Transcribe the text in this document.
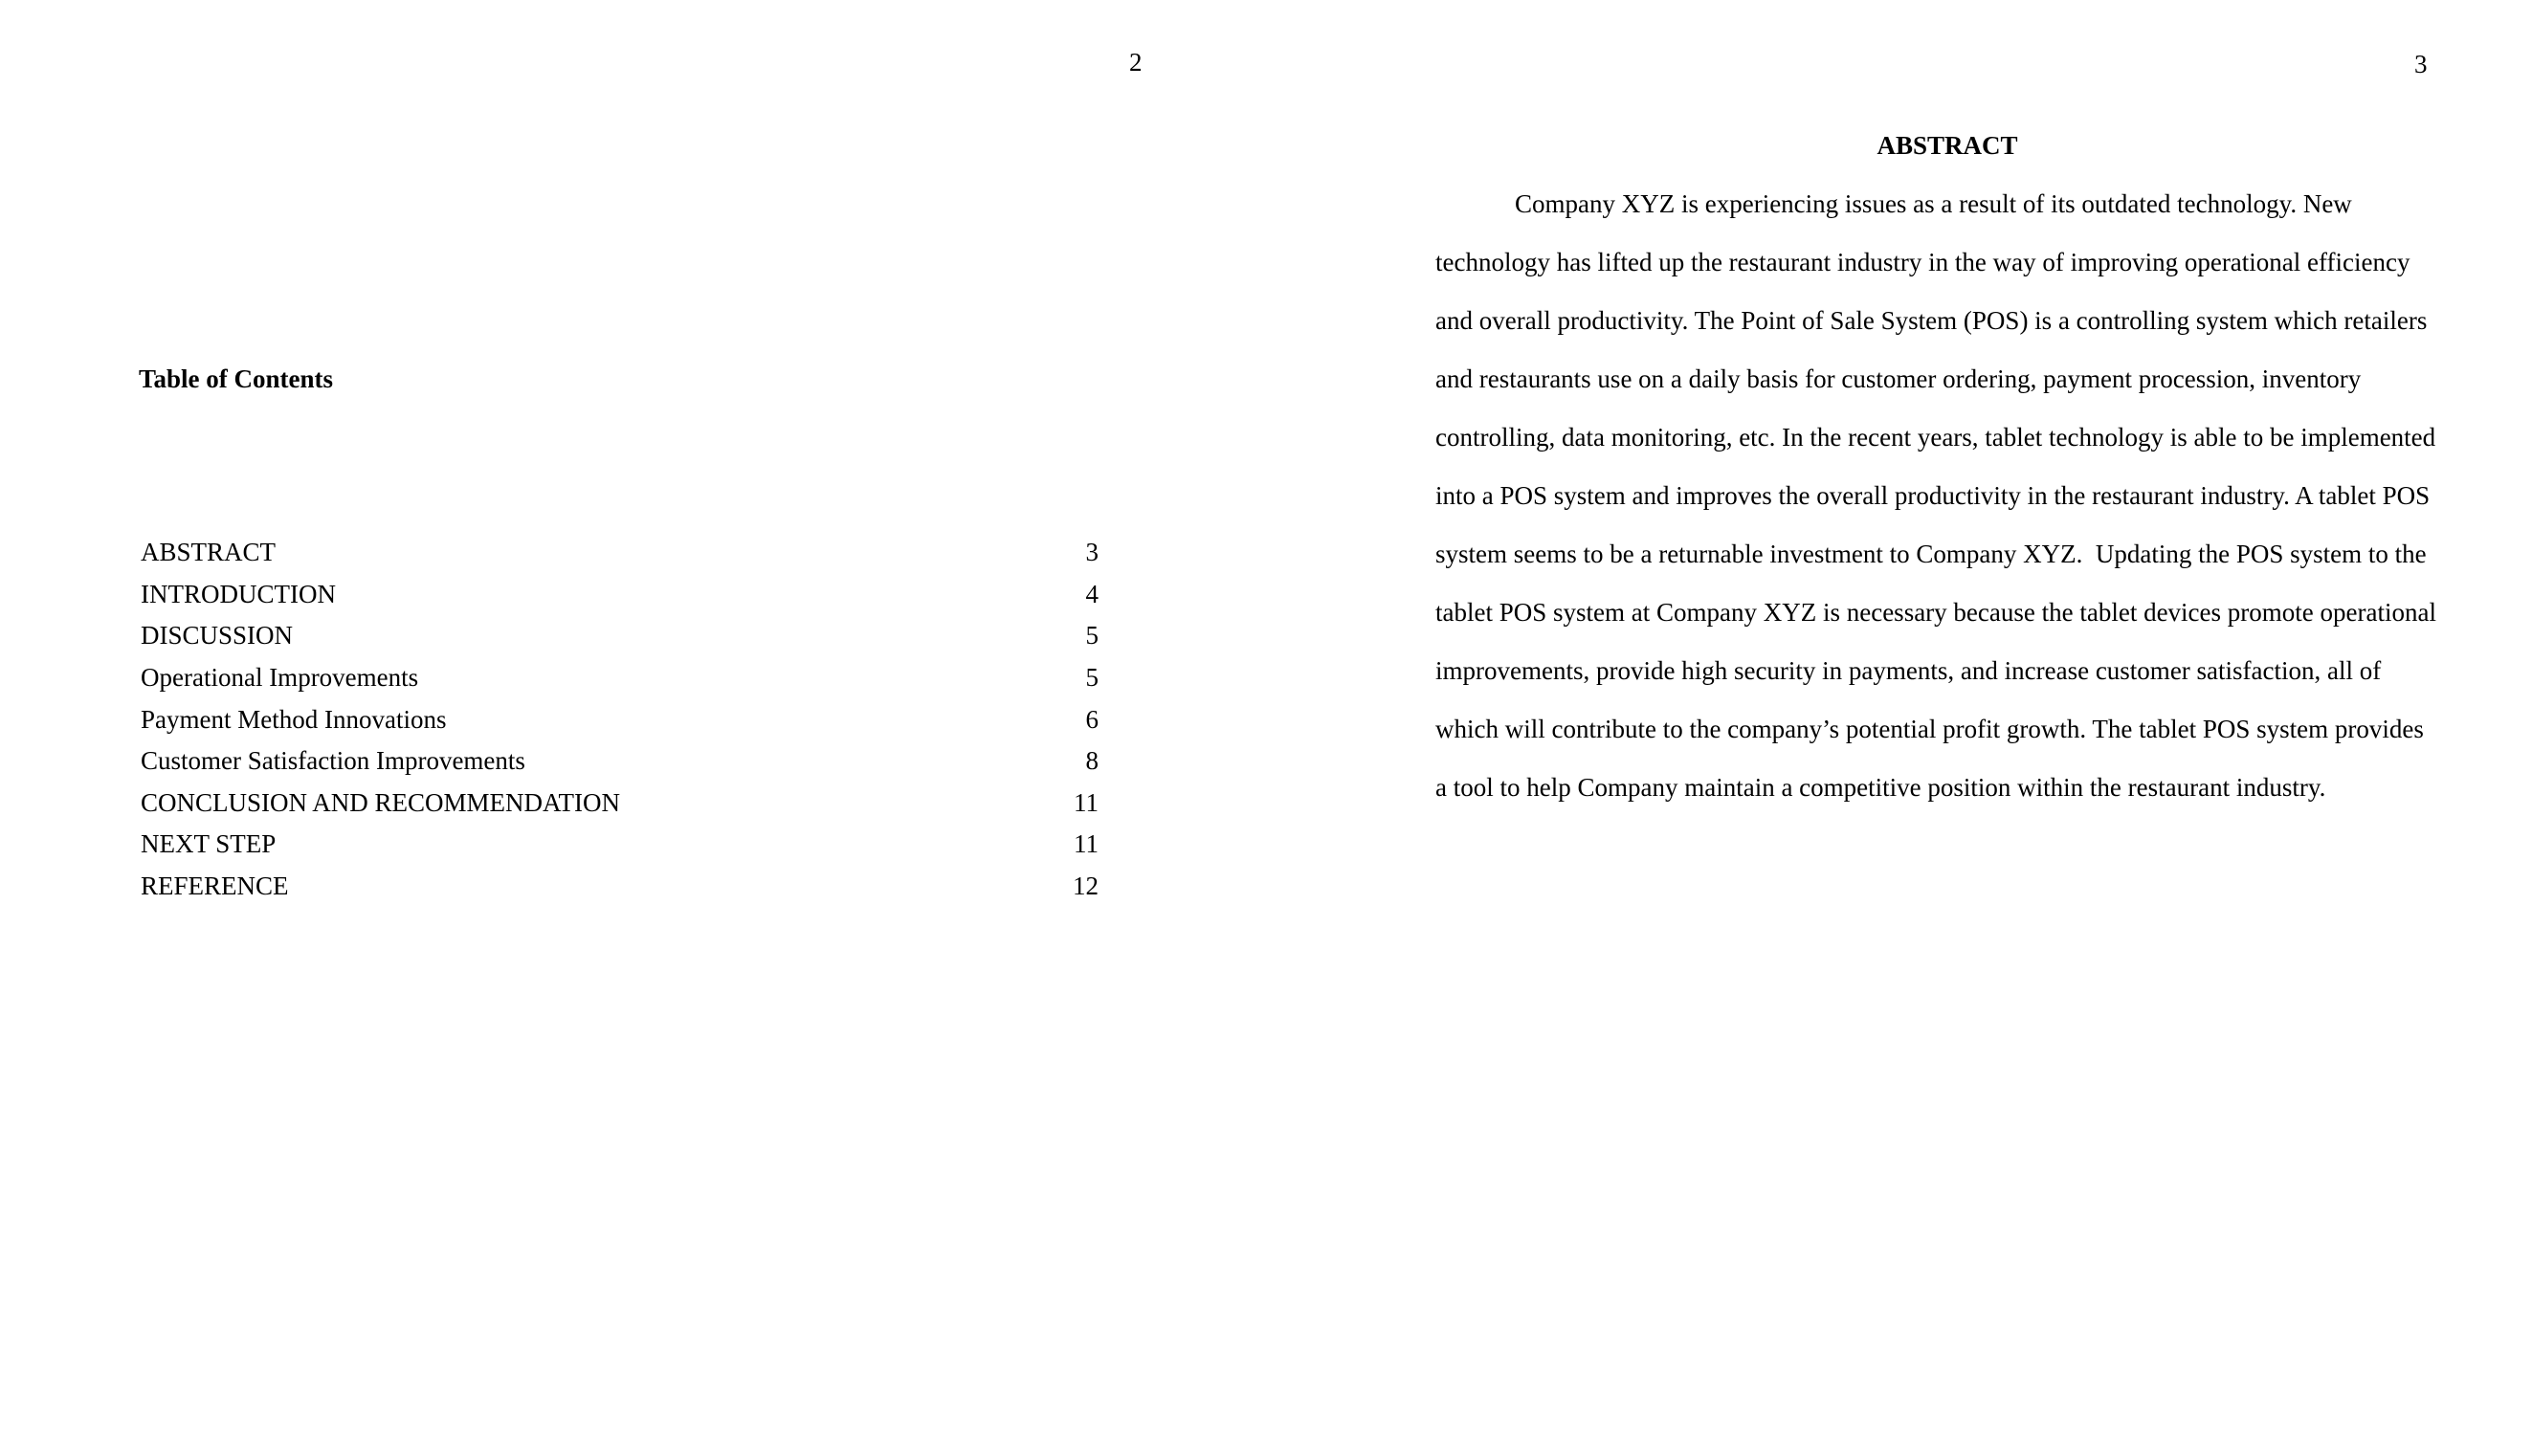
2
Table of Contents
ABSTRACT	3
INTRODUCTION	4
DISCUSSION	5
Operational Improvements	5
Payment Method Innovations	6
Customer Satisfaction Improvements	8
CONCLUSION AND RECOMMENDATION	11
NEXT STEP	11
REFERENCE	12
3
ABSTRACT
Company XYZ is experiencing issues as a result of its outdated technology. New
technology has lifted up the restaurant industry in the way of improving operational efficiency
and overall productivity. The Point of Sale System (POS) is a controlling system which retailers
and restaurants use on a daily basis for customer ordering, payment procession, inventory
controlling, data monitoring, etc. In the recent years, tablet technology is able to be implemented
into a POS system and improves the overall productivity in the restaurant industry. A tablet POS
system seems to be a returnable investment to Company XYZ.  Updating the POS system to the
tablet POS system at Company XYZ is necessary because the tablet devices promote operational
improvements, provide high security in payments, and increase customer satisfaction, all of
which will contribute to the company’s potential profit growth. The tablet POS system provides
a tool to help Company maintain a competitive position within the restaurant industry.
